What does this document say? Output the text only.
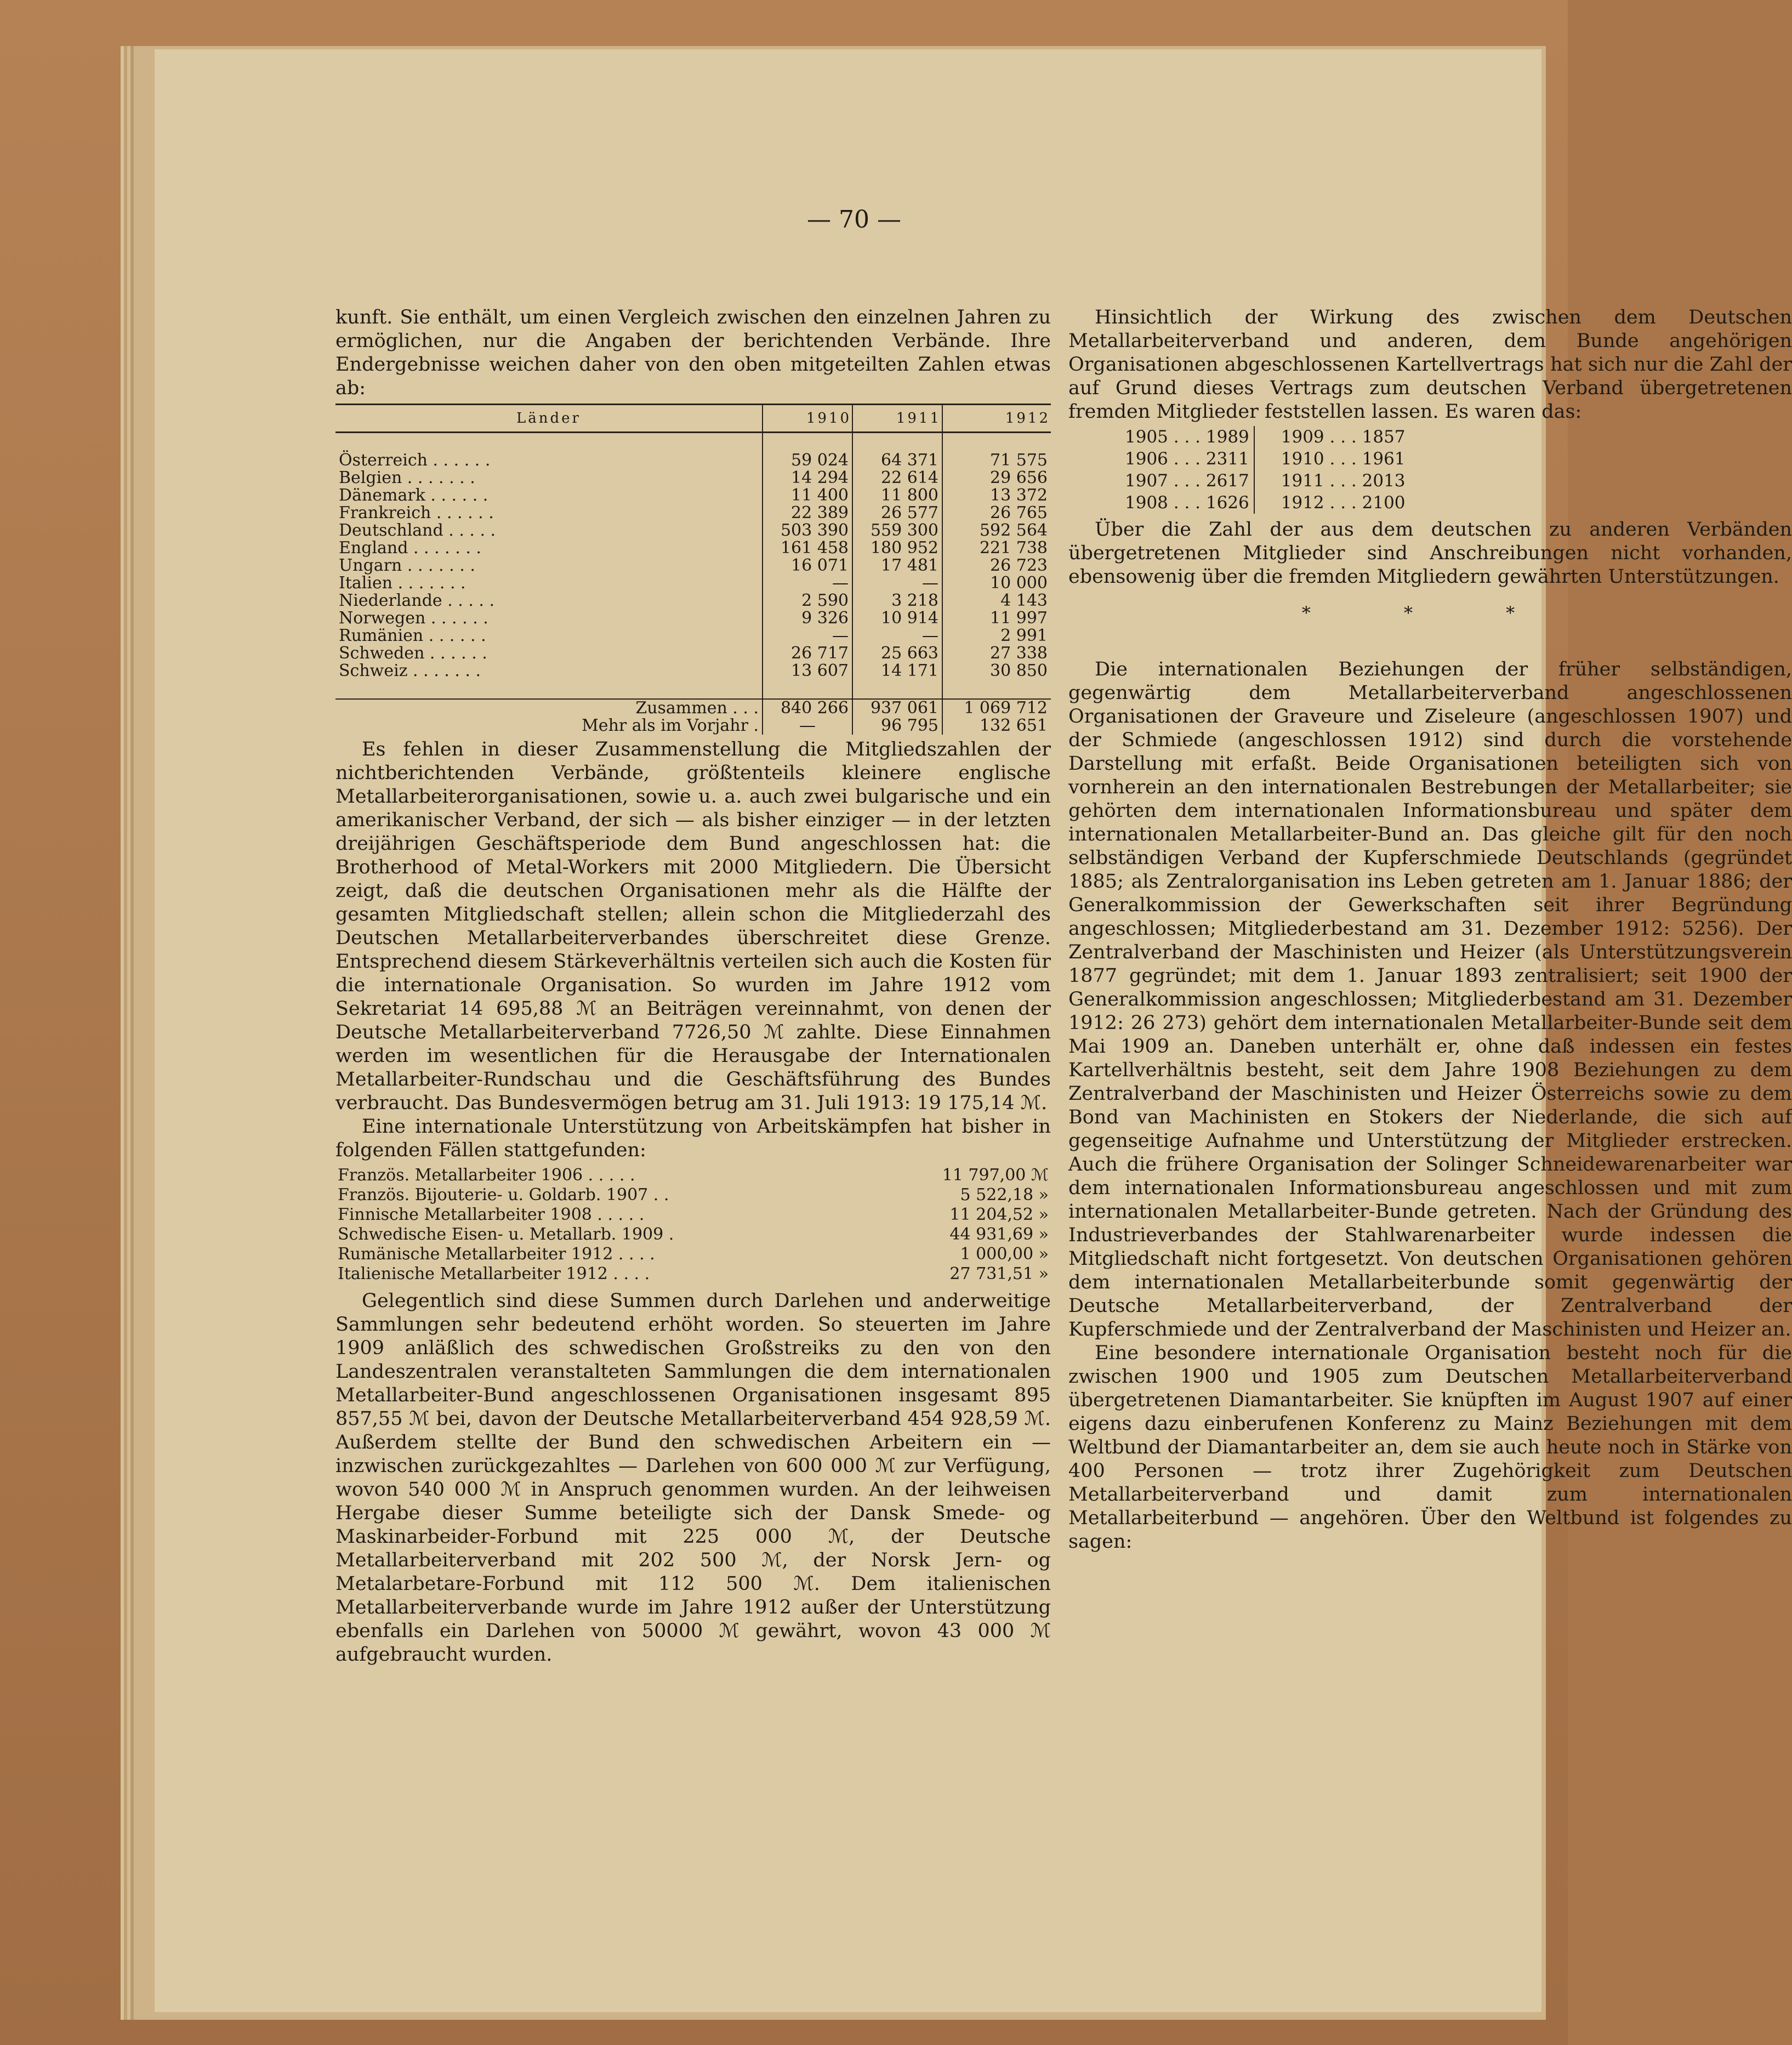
— 70 —

kunft. Sie enthält, um einen Vergleich zwischen den einzelnen Jahren zu ermöglichen, nur die Angaben der berichtenden Verbände. Ihre Endergebnisse weichen daher von den oben mitgeteilten Zahlen etwas ab:

Länder	1910	1911	1912

Österreich . . . . . .	59 024	64 371	71 575
Belgien . . . . . . .	14 294	22 614	29 656
Dänemark . . . . . .	11 400	11 800	13 372
Frankreich . . . . . .	22 389	26 577	26 765
Deutschland . . . . .	503 390	559 300	592 564
England . . . . . . .	161 458	180 952	221 738
Ungarn . . . . . . .	16 071	17 481	26 723
Italien . . . . . . .	—	—	10 000
Niederlande . . . . .	2 590	3 218	4 143
Norwegen . . . . . .	9 326	10 914	11 997
Rumänien . . . . . .	—	—	2 991
Schweden . . . . . .	26 717	25 663	27 338
Schweiz . . . . . . .	13 607	14 171	30 850

Zusammen . . .	840 266	937 061	1 069 712
Mehr als im Vorjahr .	—	96 795	132 651

Es fehlen in dieser Zusammenstellung die Mitgliedszahlen der nichtberichtenden Verbände, größtenteils kleinere englische Metallarbeiterorganisationen, sowie u. a. auch zwei bulgarische und ein amerikanischer Verband, der sich — als bisher einziger — in der letzten dreijährigen Geschäftsperiode dem Bund angeschlossen hat: die Brotherhood of Metal-Workers mit 2000 Mitgliedern. Die Übersicht zeigt, daß die deutschen Organisationen mehr als die Hälfte der gesamten Mitgliedschaft stellen; allein schon die Mitgliederzahl des Deutschen Metallarbeiterverbandes überschreitet diese Grenze. Entsprechend diesem Stärkeverhältnis verteilen sich auch die Kosten für die internationale Organisation. So wurden im Jahre 1912 vom Sekretariat 14 695,88 ℳ an Beiträgen vereinnahmt, von denen der Deutsche Metallarbeiterverband 7726,50 ℳ zahlte. Diese Einnahmen werden im wesentlichen für die Herausgabe der Internationalen Metallarbeiter-Rundschau und die Geschäftsführung des Bundes verbraucht. Das Bundesvermögen betrug am 31. Juli 1913: 19 175,14 ℳ.

Eine internationale Unterstützung von Arbeitskämpfen hat bisher in folgenden Fällen stattgefunden:

Französ. Metallarbeiter 1906 . . . . .	11 797,00 ℳ
Französ. Bijouterie- u. Goldarb. 1907 . .	5 522,18 »
Finnische Metallarbeiter 1908 . . . . .	11 204,52 »
Schwedische Eisen- u. Metallarb. 1909 .	44 931,69 »
Rumänische Metallarbeiter 1912 . . . .	1 000,00 »
Italienische Metallarbeiter 1912 . . . .	27 731,51 »

Gelegentlich sind diese Summen durch Darlehen und anderweitige Sammlungen sehr bedeutend erhöht worden. So steuerten im Jahre 1909 anläßlich des schwedischen Großstreiks zu den von den Landeszentralen veranstalteten Sammlungen die dem internationalen Metallarbeiter-Bund angeschlossenen Organisationen insgesamt 895 857,55 ℳ bei, davon der Deutsche Metallarbeiterverband 454 928,59 ℳ. Außerdem stellte der Bund den schwedischen Arbeitern ein — inzwischen zurückgezahltes — Darlehen von 600 000 ℳ zur Verfügung, wovon 540 000 ℳ in Anspruch genommen wurden. An der leihweisen Hergabe dieser Summe beteiligte sich der Dansk Smede- og Maskinarbeider-Forbund mit 225 000 ℳ, der Deutsche Metallarbeiterverband mit 202 500 ℳ, der Norsk Jern- og Metalarbetare-Forbund mit 112 500 ℳ. Dem italienischen Metallarbeiterverbande wurde im Jahre 1912 außer der Unterstützung ebenfalls ein Darlehen von 50000 ℳ gewährt, wovon 43 000 ℳ aufgebraucht wurden.

Hinsichtlich der Wirkung des zwischen dem Deutschen Metallarbeiterverband und anderen, dem Bunde angehörigen Organisationen abgeschlossenen Kartellvertrags hat sich nur die Zahl der auf Grund dieses Vertrags zum deutschen Verband übergetretenen fremden Mitglieder feststellen lassen. Es waren das:

1905 . . . 1989		1909 . . . 1857
1906 . . . 2311		1910 . . . 1961
1907 . . . 2617		1911 . . . 2013
1908 . . . 1626		1912 . . . 2100

Über die Zahl der aus dem deutschen zu anderen Verbänden übergetretenen Mitglieder sind Anschreibungen nicht vorhanden, ebensowenig über die fremden Mitgliedern gewährten Unterstützungen.

* * *

Die internationalen Beziehungen der früher selbständigen, gegenwärtig dem Metallarbeiterverband angeschlossenen Organisationen der Graveure und Ziseleure (angeschlossen 1907) und der Schmiede (angeschlossen 1912) sind durch die vorstehende Darstellung mit erfaßt. Beide Organisationen beteiligten sich von vornherein an den internationalen Bestrebungen der Metallarbeiter; sie gehörten dem internationalen Informationsbureau und später dem internationalen Metallarbeiter-Bund an. Das gleiche gilt für den noch selbständigen Verband der Kupferschmiede Deutschlands (gegründet 1885; als Zentralorganisation ins Leben getreten am 1. Januar 1886; der Generalkommission der Gewerkschaften seit ihrer Begründung angeschlossen; Mitgliederbestand am 31. Dezember 1912: 5256). Der Zentralverband der Maschinisten und Heizer (als Unterstützungsverein 1877 gegründet; mit dem 1. Januar 1893 zentralisiert; seit 1900 der Generalkommission angeschlossen; Mitgliederbestand am 31. Dezember 1912: 26 273) gehört dem internationalen Metallarbeiter-Bunde seit dem Mai 1909 an. Daneben unterhält er, ohne daß indessen ein festes Kartellverhältnis besteht, seit dem Jahre 1908 Beziehungen zu dem Zentralverband der Maschinisten und Heizer Österreichs sowie zu dem Bond van Machinisten en Stokers der Niederlande, die sich auf gegenseitige Aufnahme und Unterstützung der Mitglieder erstrecken. Auch die frühere Organisation der Solinger Schneidewarenarbeiter war dem internationalen Informationsbureau angeschlossen und mit zum internationalen Metallarbeiter-Bunde getreten. Nach der Gründung des Industrieverbandes der Stahlwarenarbeiter wurde indessen die Mitgliedschaft nicht fortgesetzt. Von deutschen Organisationen gehören dem internationalen Metallarbeiterbunde somit gegenwärtig der Deutsche Metallarbeiterverband, der Zentralverband der Kupferschmiede und der Zentralverband der Maschinisten und Heizer an.

Eine besondere internationale Organisation besteht noch für die zwischen 1900 und 1905 zum Deutschen Metallarbeiterverband übergetretenen Diamantarbeiter. Sie knüpften im August 1907 auf einer eigens dazu einberufenen Konferenz zu Mainz Beziehungen mit dem Weltbund der Diamantarbeiter an, dem sie auch heute noch in Stärke von 400 Personen — trotz ihrer Zugehörigkeit zum Deutschen Metallarbeiterverband und damit zum internationalen Metallarbeiterbund — angehören. Über den Weltbund ist folgendes zu sagen:
